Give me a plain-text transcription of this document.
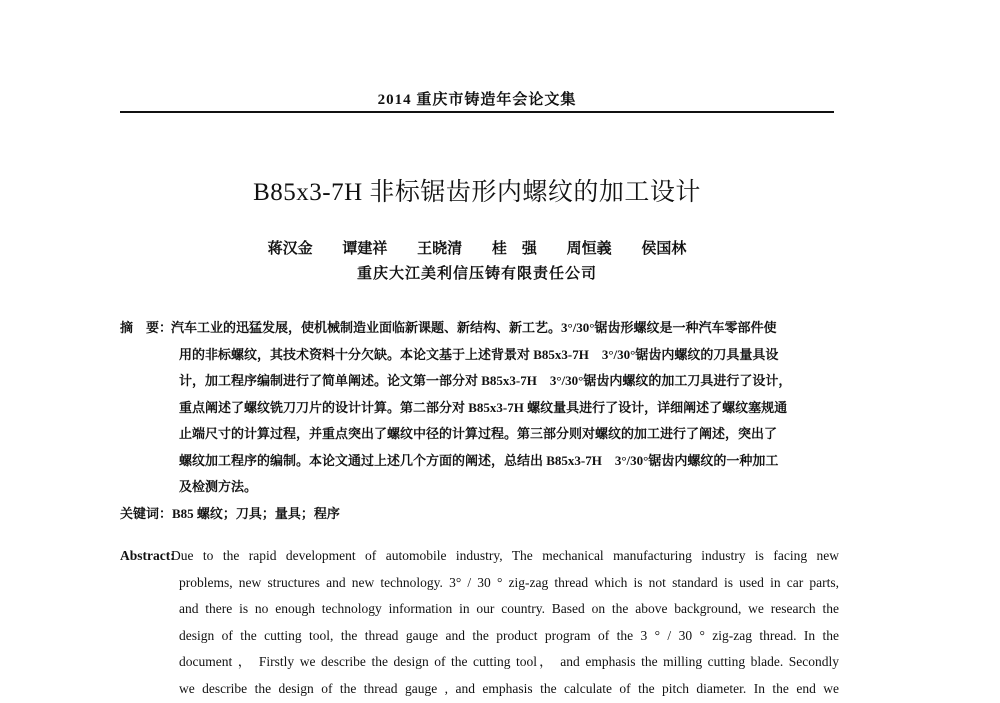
2014 重庆市铸造年会论文集
B85x3-7H 非标锯齿形内螺纹的加工设计
蒋汉金 谭建祥 王晓清 桂　强 周恒義 侯国林
重庆大江美利信压铸有限责任公司
摘　要：
汽车工业的迅猛发展，使机械制造业面临新课题、新结构、新工艺。3°/30°锯齿形螺纹是一种汽车零部件使
用的非标螺纹，其技术资料十分欠缺。本论文基于上述背景对 B85x3-7H　3°/30°锯齿内螺纹的刀具量具设
计，加工程序编制进行了简单阐述。论文第一部分对 B85x3-7H　3°/30°锯齿内螺纹的加工刀具进行了设计，
重点阐述了螺纹铣刀刀片的设计计算。第二部分对 B85x3-7H 螺纹量具进行了设计，详细阐述了螺纹塞规通
止端尺寸的计算过程，并重点突出了螺纹中径的计算过程。第三部分则对螺纹的加工进行了阐述，突出了
螺纹加工程序的编制。本论文通过上述几个方面的阐述，总结出 B85x3-7H　3°/30°锯齿内螺纹的一种加工
及检测方法。
关键词：B85 螺纹；刀具；量具；程序
Abstract:
Due to the rapid development of automobile industry, The mechanical manufacturing industry is facing new
problems, new structures and new technology. 3° / 30 ° zig-zag thread which is not standard is used in car parts,
and there is no enough technology information in our country. Based on the above background, we research the
design of the cutting tool, the thread gauge and the product program of the 3 ° / 30 ° zig-zag thread. In the
document ， Firstly we describe the design of the cutting tool， and emphasis the milling cutting blade. Secondly
we describe the design of the thread gauge , and emphasis the calculate of the pitch diameter. In the end we
